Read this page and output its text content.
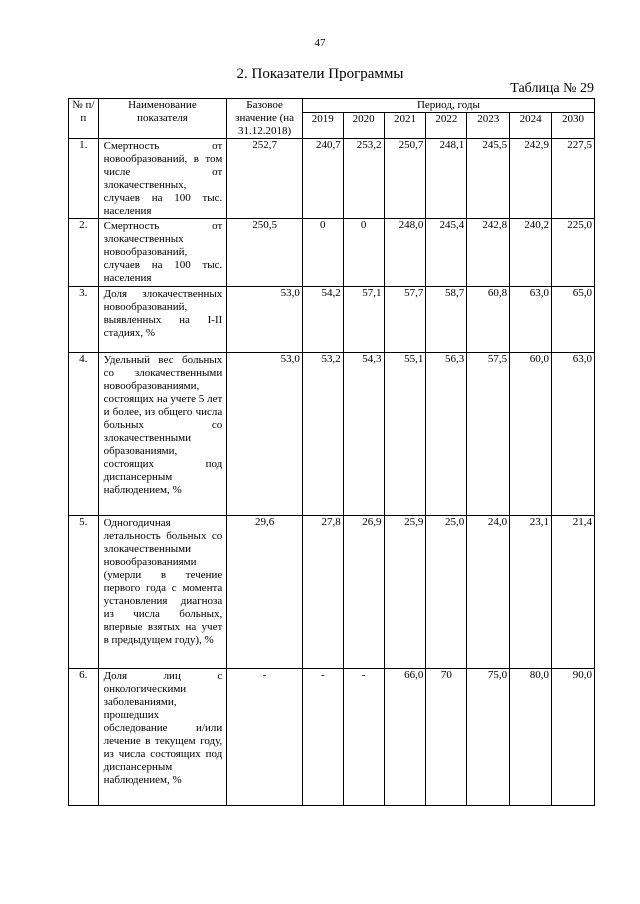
47
2. Показатели Программы
Таблица № 29
№ п/п	Наименование показателя	Базовое значение (на 31.12.2018)	Период, годы						
			2019	2020	2021	2022	2023	2024	2030
1.	Смертность от новообразований, в том числе от злокачественных, случаев на 100 тыс. населения	252,7	240,7	253,2	250,7	248,1	245,5	242,9	227,5
2.	Смертность от злокачественных новообразований, случаев на 100 тыс. населения	250,5	0	0	248,0	245,4	242,8	240,2	225,0
3.	Доля злокачественных новообразований, выявленных на I-II стадиях, %	53,0	54,2	57,1	57,7	58,7	60,8	63,0	65,0
4.	Удельный вес больных со злокачественными новообразованиями, состоящих на учете 5 лет и более, из общего числа больных со злокачественными образованиями, состоящих под диспансерным наблюдением, %	53,0	53,2	54,3	55,1	56,3	57,5	60,0	63,0
5.	Одногодичная летальность больных со злокачественными новообразованиями (умерли в течение первого года с момента установления диагноза из числа больных, впервые взятых на учет в предыдущем году), %	29,6	27,8	26,9	25,9	25,0	24,0	23,1	21,4
6.	Доля лиц с онкологическими заболеваниями, прошедших обследование и/или лечение в текущем году, из числа состоящих под диспансерным наблюдением, %	-	-	-	66,0	70	75,0	80,0	90,0
